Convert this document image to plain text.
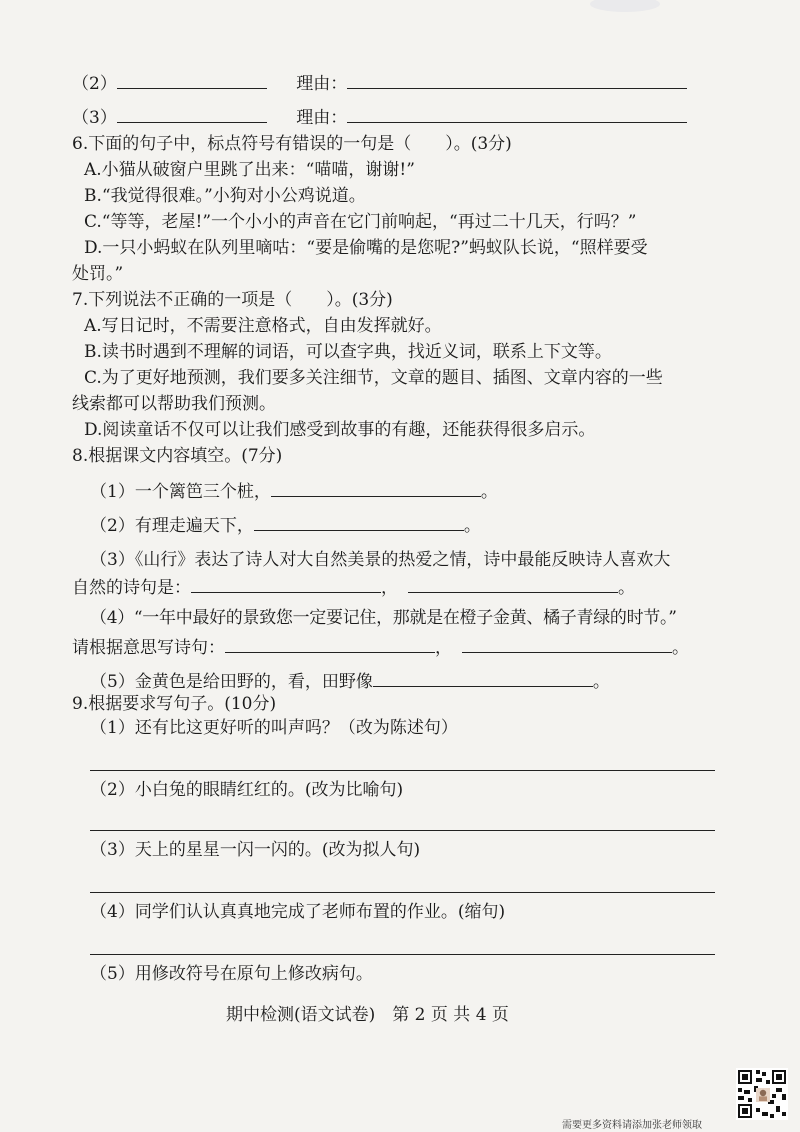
（2）	理由：
（3）	理由：
6.下面的句子中，标点符号有错误的一句是（　　）。(3分)
A.小猫从破窗户里跳了出来：“喵喵，谢谢!”
B.“我觉得很难。”小狗对小公鸡说道。
C.“等等，老屋!”一个小小的声音在它门前响起，“再过二十几天，行吗？”
D.一只小蚂蚁在队列里嘀咕：“要是偷嘴的是您呢?”蚂蚁队长说，“照样要受
处罚。”
7.下列说法不正确的一项是（　　）。(3分)
A.写日记时，不需要注意格式，自由发挥就好。
B.读书时遇到不理解的词语，可以查字典，找近义词，联系上下文等。
C.为了更好地预测，我们要多关注细节，文章的题目、插图、文章内容的一些
线索都可以帮助我们预测。
D.阅读童话不仅可以让我们感受到故事的有趣，还能获得很多启示。
8.根据课文内容填空。(7分)
（1）一个篱笆三个桩，	。
（2）有理走遍天下，	。
（3）《山行》表达了诗人对大自然美景的热爱之情，诗中最能反映诗人喜欢大
自然的诗句是：	，	。
（4）“一年中最好的景致您一定要记住，那就是在橙子金黄、橘子青绿的时节。”
请根据意思写诗句：	，	。
（5）金黄色是给田野的，看，田野像	。
9.根据要求写句子。(10分)
（1）还有比这更好听的叫声吗？（改为陈述句）
（2）小白兔的眼睛红红的。(改为比喻句)
（3）天上的星星一闪一闪的。(改为拟人句)
（4）同学们认认真真地完成了老师布置的作业。(缩句)
（5）用修改符号在原句上修改病句。
期中检测(语文试卷)　第 2 页 共 4 页
需要更多资料请添加张老师领取
